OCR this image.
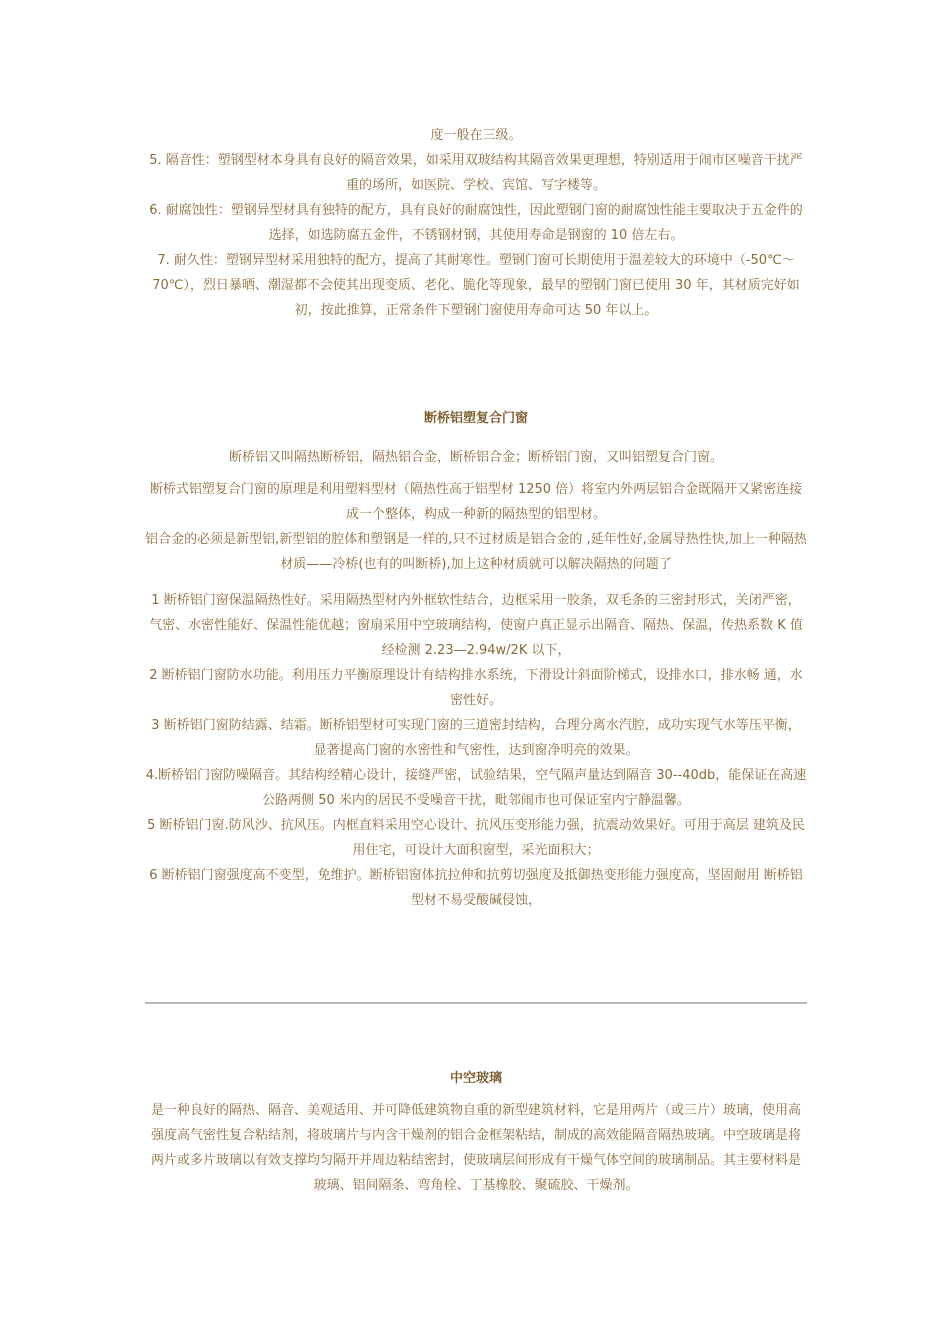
度一般在三级。

5. 隔音性：塑钢型材本身具有良好的隔音效果，如采用双玻结构其隔音效果更理想，特别适用于闹市区噪音干扰严重的场所，如医院、学校、宾馆、写字楼等。

6. 耐腐蚀性：塑钢异型材具有独特的配方，具有良好的耐腐蚀性，因此塑钢门窗的耐腐蚀性能主要取决于五金件的选择，如选防腐五金件，不锈钢材钢，其使用寿命是钢窗的 10 倍左右。

7. 耐久性：塑钢异型材采用独特的配方，提高了其耐寒性。塑钢门窗可长期使用于温差较大的环境中（-50℃～70℃），烈日暴晒、潮湿都不会使其出现变质、老化、脆化等现象，最早的塑钢门窗已使用 30 年，其材质完好如初，按此推算，正常条件下塑钢门窗使用寿命可达 50 年以上。

断桥铝塑复合门窗

断桥铝又叫隔热断桥铝，隔热铝合金，断桥铝合金；断桥铝门窗，又叫铝塑复合门窗。

断桥式铝塑复合门窗的原理是利用塑料型材（隔热性高于铝型材 1250 倍）将室内外两层铝合金既隔开又紧密连接成一个整体，构成一种新的隔热型的铝型材。

铝合金的必须是新型铝,新型铝的腔体和塑钢是一样的,只不过材质是铝合金的 ,延年性好,金属导热性快,加上一种隔热材质——冷桥(也有的叫断桥),加上这种材质就可以解决隔热的问题了

1 断桥铝门窗保温隔热性好。采用隔热型材内外框软性结合，边框采用一胶条，双毛条的三密封形式，关闭严密，气密、水密性能好、保温性能优越；窗扇采用中空玻璃结构，使窗户真正显示出隔音、隔热、保温，传热系数 K 值经检测 2.23—2.94w/2K 以下，

2 断桥铝门窗防水功能。利用压力平衡原理设计有结构排水系统，下滑设计斜面阶梯式，设排水口，排水畅 通，水密性好。

3 断桥铝门窗防结露、结霜。断桥铝型材可实现门窗的三道密封结构，合理分离水汽腔，成功实现气水等压平衡，显著提高门窗的水密性和气密性，达到窗净明亮的效果。

4.断桥铝门窗防噪隔音。其结构经精心设计，接缝严密，试验结果，空气隔声量达到隔音 30--40db，能保证在高速公路两侧 50 米内的居民不受噪音干扰，毗邻闹市也可保证室内宁静温馨。

5 断桥铝门窗.防风沙、抗风压。内框直料采用空心设计、抗风压变形能力强，抗震动效果好。可用于高层 建筑及民用住宅，可设计大面积窗型，采光面积大；

6 断桥铝门窗强度高不变型，免维护。断桥铝窗体抗拉伸和抗剪切强度及抵御热变形能力强度高，坚固耐用 断桥铝型材不易受酸碱侵蚀，

中空玻璃

是一种良好的隔热、隔音、美观适用、并可降低建筑物自重的新型建筑材料，它是用两片（或三片）玻璃，使用高强度高气密性复合粘结剂，将玻璃片与内含干燥剂的铝合金框架粘结，制成的高效能隔音隔热玻璃。中空玻璃是将两片或多片玻璃以有效支撑均匀隔开并周边粘结密封，使玻璃层间形成有干燥气体空间的玻璃制品。其主要材料是玻璃、铝间隔条、弯角栓、丁基橡胶、聚硫胶、干燥剂。
